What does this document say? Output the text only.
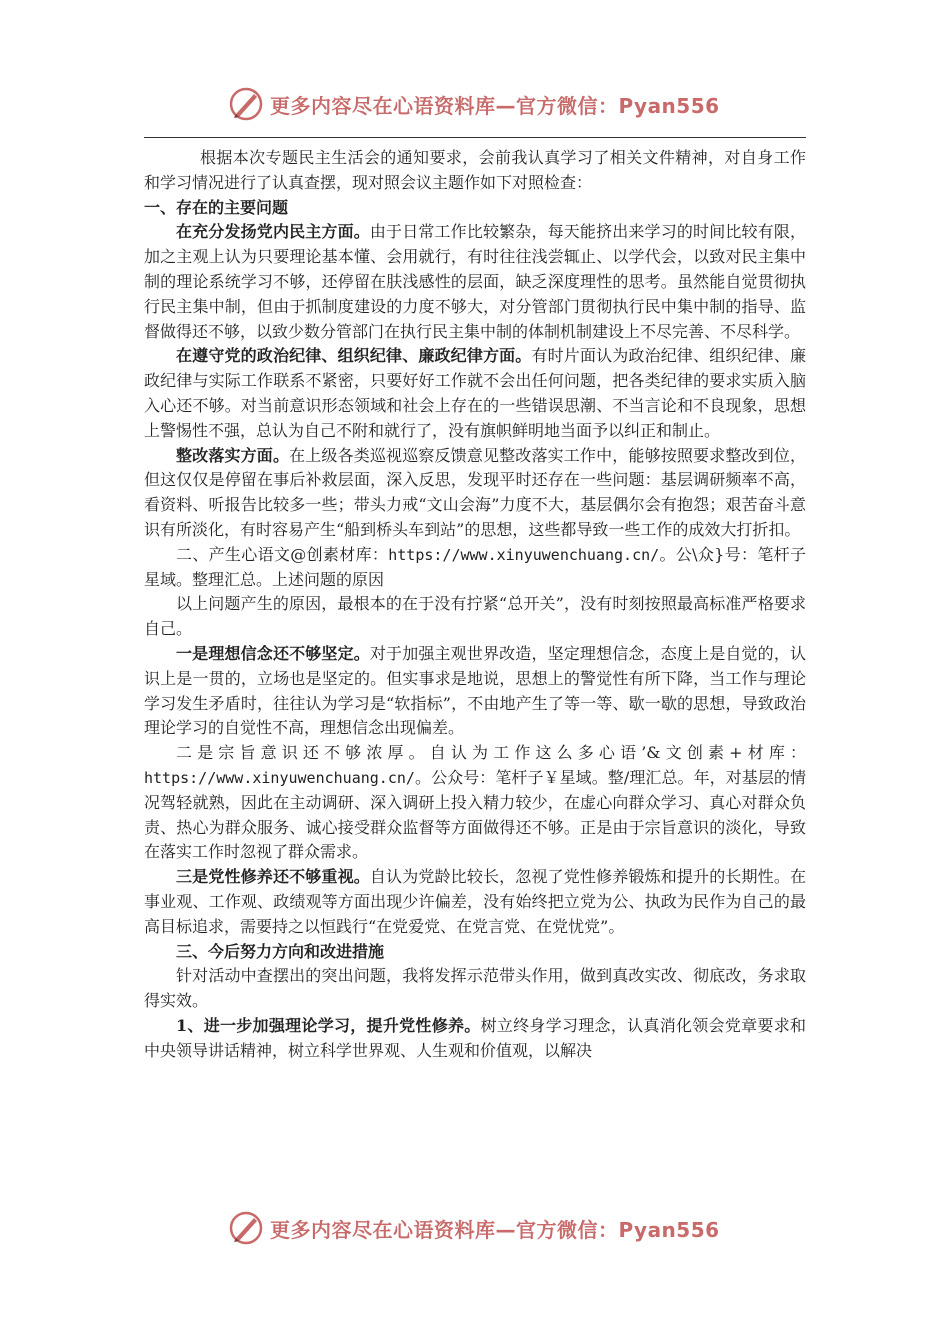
更多内容尽在心语资料库—官方微信：Pyan556

根据本次专题民主生活会的通知要求，会前我认真学习了相关文件精神，对自身工作和学习情况进行了认真查摆，现对照会议主题作如下对照检查：

一、存在的主要问题

在充分发扬党内民主方面。由于日常工作比较繁杂，每天能挤出来学习的时间比较有限，加之主观上认为只要理论基本懂、会用就行，有时往往浅尝辄止、以学代会，以致对民主集中制的理论系统学习不够，还停留在肤浅感性的层面，缺乏深度理性的思考。虽然能自觉贯彻执行民主集中制，但由于抓制度建设的力度不够大，对分管部门贯彻执行民中集中制的指导、监督做得还不够，以致少数分管部门在执行民主集中制的体制机制建设上不尽完善、不尽科学。

在遵守党的政治纪律、组织纪律、廉政纪律方面。有时片面认为政治纪律、组织纪律、廉政纪律与实际工作联系不紧密，只要好好工作就不会出任何问题，把各类纪律的要求实质入脑入心还不够。对当前意识形态领域和社会上存在的一些错误思潮、不当言论和不良现象，思想上警惕性不强，总认为自己不附和就行了，没有旗帜鲜明地当面予以纠正和制止。

整改落实方面。在上级各类巡视巡察反馈意见整改落实工作中，能够按照要求整改到位，但这仅仅是停留在事后补救层面，深入反思，发现平时还存在一些问题：基层调研频率不高，看资料、听报告比较多一些；带头力戒“文山会海”力度不大，基层偶尔会有抱怨；艰苦奋斗意识有所淡化，有时容易产生“船到桥头车到站”的思想，这些都导致一些工作的成效大打折扣。

二、产生心语文@创素材库：https://www.xinyuwenchuang.cn/。公\众}号：笔杆子星域。整理汇总。上述问题的原因

以上问题产生的原因，最根本的在于没有拧紧“总开关”，没有时刻按照最高标准严格要求自己。

一是理想信念还不够坚定。对于加强主观世界改造，坚定理想信念，态度上是自觉的，认识上是一贯的，立场也是坚定的。但实事求是地说，思想上的警觉性有所下降，当工作与理论学习发生矛盾时，往往认为学习是“软指标”，不由地产生了等一等、歇一歇的思想，导致政治理论学习的自觉性不高，理想信念出现偏差。

二是宗旨意识还不够浓厚。自认为工作这么多心语’&文创素+材库：https://www.xinyuwenchuang.cn/。公众号：笔杆子￥星域。整/理汇总。年，对基层的情况驾轻就熟，因此在主动调研、深入调研上投入精力较少，在虚心向群众学习、真心对群众负责、热心为群众服务、诚心接受群众监督等方面做得还不够。正是由于宗旨意识的淡化，导致在落实工作时忽视了群众需求。

三是党性修养还不够重视。自认为党龄比较长，忽视了党性修养锻炼和提升的长期性。在事业观、工作观、政绩观等方面出现少许偏差，没有始终把立党为公、执政为民作为自己的最高目标追求，需要持之以恒践行“在党爱党、在党言党、在党忧党”。

三、今后努力方向和改进措施

针对活动中查摆出的突出问题，我将发挥示范带头作用，做到真改实改、彻底改，务求取得实效。

1、进一步加强理论学习，提升党性修养。树立终身学习理念，认真消化领会党章要求和中央领导讲话精神，树立科学世界观、人生观和价值观，以解决

更多内容尽在心语资料库—官方微信：Pyan556
